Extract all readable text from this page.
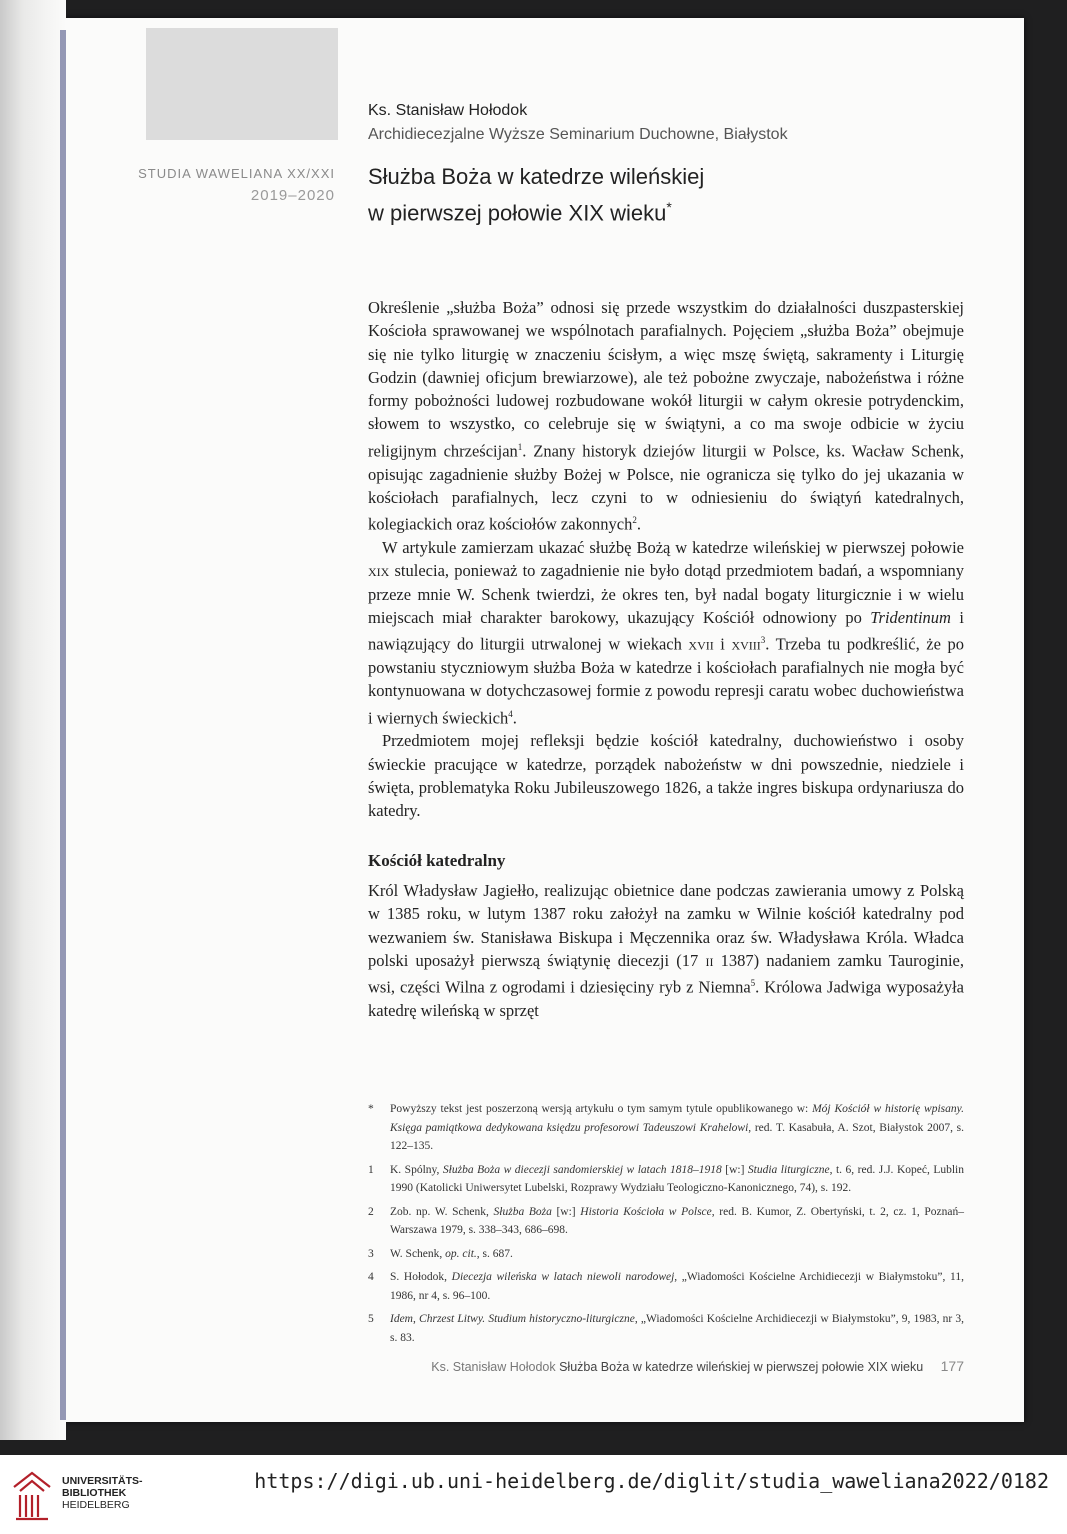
STUDIA WAWELIANA XX/XXI
2019–2020
Ks. Stanisław Hołodok
Archidiecezjalne Wyższe Seminarium Duchowne, Białystok
Służba Boża w katedrze wileńskiej
w pierwszej połowie XIX wieku*

Określenie „służba Boża” odnosi się przede wszystkim do działalności duszpasterskiej Kościoła sprawowanej we wspólnotach parafialnych. Pojęciem „służba Boża” obejmuje się nie tylko liturgię w znaczeniu ścisłym, a więc mszę świętą, sakramenty i Liturgię Godzin (dawniej oficjum brewiarzowe), ale też pobożne zwyczaje, nabożeństwa i różne formy pobożności ludowej rozbudowane wokół liturgii w całym okresie potrydenckim, słowem to wszystko, co celebruje się w świątyni, a co ma swoje odbicie w życiu religijnym chrześcijan$^1$. Znany historyk dziejów liturgii w Polsce, ks. Wacław Schenk, opisując zagadnienie służby Bożej w Polsce, nie ogranicza się tylko do jej ukazania w kościołach parafialnych, lecz czyni to w odniesieniu do świątyń katedralnych, kolegiackich oraz kościołów zakonnych$^2$.

W artykule zamierzam ukazać służbę Bożą w katedrze wileńskiej w pierwszej połowie xix stulecia, ponieważ to zagadnienie nie było dotąd przedmiotem badań, a wspomniany przeze mnie W. Schenk twierdzi, że okres ten, był nadal bogaty liturgicznie i w wielu miejscach miał charakter barokowy, ukazujący Kościół odnowiony po Tridentinum i nawiązujący do liturgii utrwalonej w wiekach xvii i xviii$^3$. Trzeba tu podkreślić, że po powstaniu styczniowym służba Boża w katedrze i kościołach parafialnych nie mogła być kontynuowana w dotychczasowej formie z powodu represji caratu wobec duchowieństwa i wiernych świeckich$^4$.

Przedmiotem mojej refleksji będzie kościół katedralny, duchowieństwo i osoby świeckie pracujące w katedrze, porządek nabożeństw w dni powszednie, niedziele i święta, problematyka Roku Jubileuszowego 1826, a także ingres biskupa ordynariusza do katedry.

Kościół katedralny
Król Władysław Jagiełło, realizując obietnice dane podczas zawierania umowy z Polską w 1385 roku, w lutym 1387 roku założył na zamku w Wilnie kościół katedralny pod wezwaniem św. Stanisława Biskupa i Męczennika oraz św. Władysława Króla. Władca polski uposażył pierwszą świątynię diecezji (17 ii 1387) nadaniem zamku Tauroginie, wsi, części Wilna z ogrodami i dziesięciny ryb z Niemna$^5$. Królowa Jadwiga wyposażyła katedrę wileńską w sprzęt
* Powyższy tekst jest poszerzoną wersją artykułu o tym samym tytule opublikowanego w: Mój Kościół w historię wpisany. Księga pamiątkowa dedykowana księdzu profesorowi Tadeuszowi Krahelowi, red. T. Kasabuła, A. Szot, Białystok 2007, s. 122–135.
1 K. Spólny, Służba Boża w diecezji sandomierskiej w latach 1818–1918 [w:] Studia liturgiczne, t. 6, red. J.J. Kopeć, Lublin 1990 (Katolicki Uniwersytet Lubelski, Rozprawy Wydziału Teologiczno-Kanonicznego, 74), s. 192.
2 Zob. np. W. Schenk, Służba Boża [w:] Historia Kościoła w Polsce, red. B. Kumor, Z. Obertyński, t. 2, cz. 1, Poznań–Warszawa 1979, s. 338–343, 686–698.
3 W. Schenk, op. cit., s. 687.
4 S. Hołodok, Diecezja wileńska w latach niewoli narodowej, „Wiadomości Kościelne Archidiecezji w Białymstoku”, 11, 1986, nr 4, s. 96–100.
5 Idem, Chrzest Litwy. Studium historyczno-liturgiczne, „Wiadomości Kościelne Archidiecezji w Białymstoku”, 9, 1983, nr 3, s. 83.
Ks. Stanisław Hołodok Służba Boża w katedrze wileńskiej w pierwszej połowie XIX wieku 177
UNIVERSITÄTS-
BIBLIOTHEK
HEIDELBERG
https://digi.ub.uni-heidelberg.de/diglit/studia_waweliana2022/0182
